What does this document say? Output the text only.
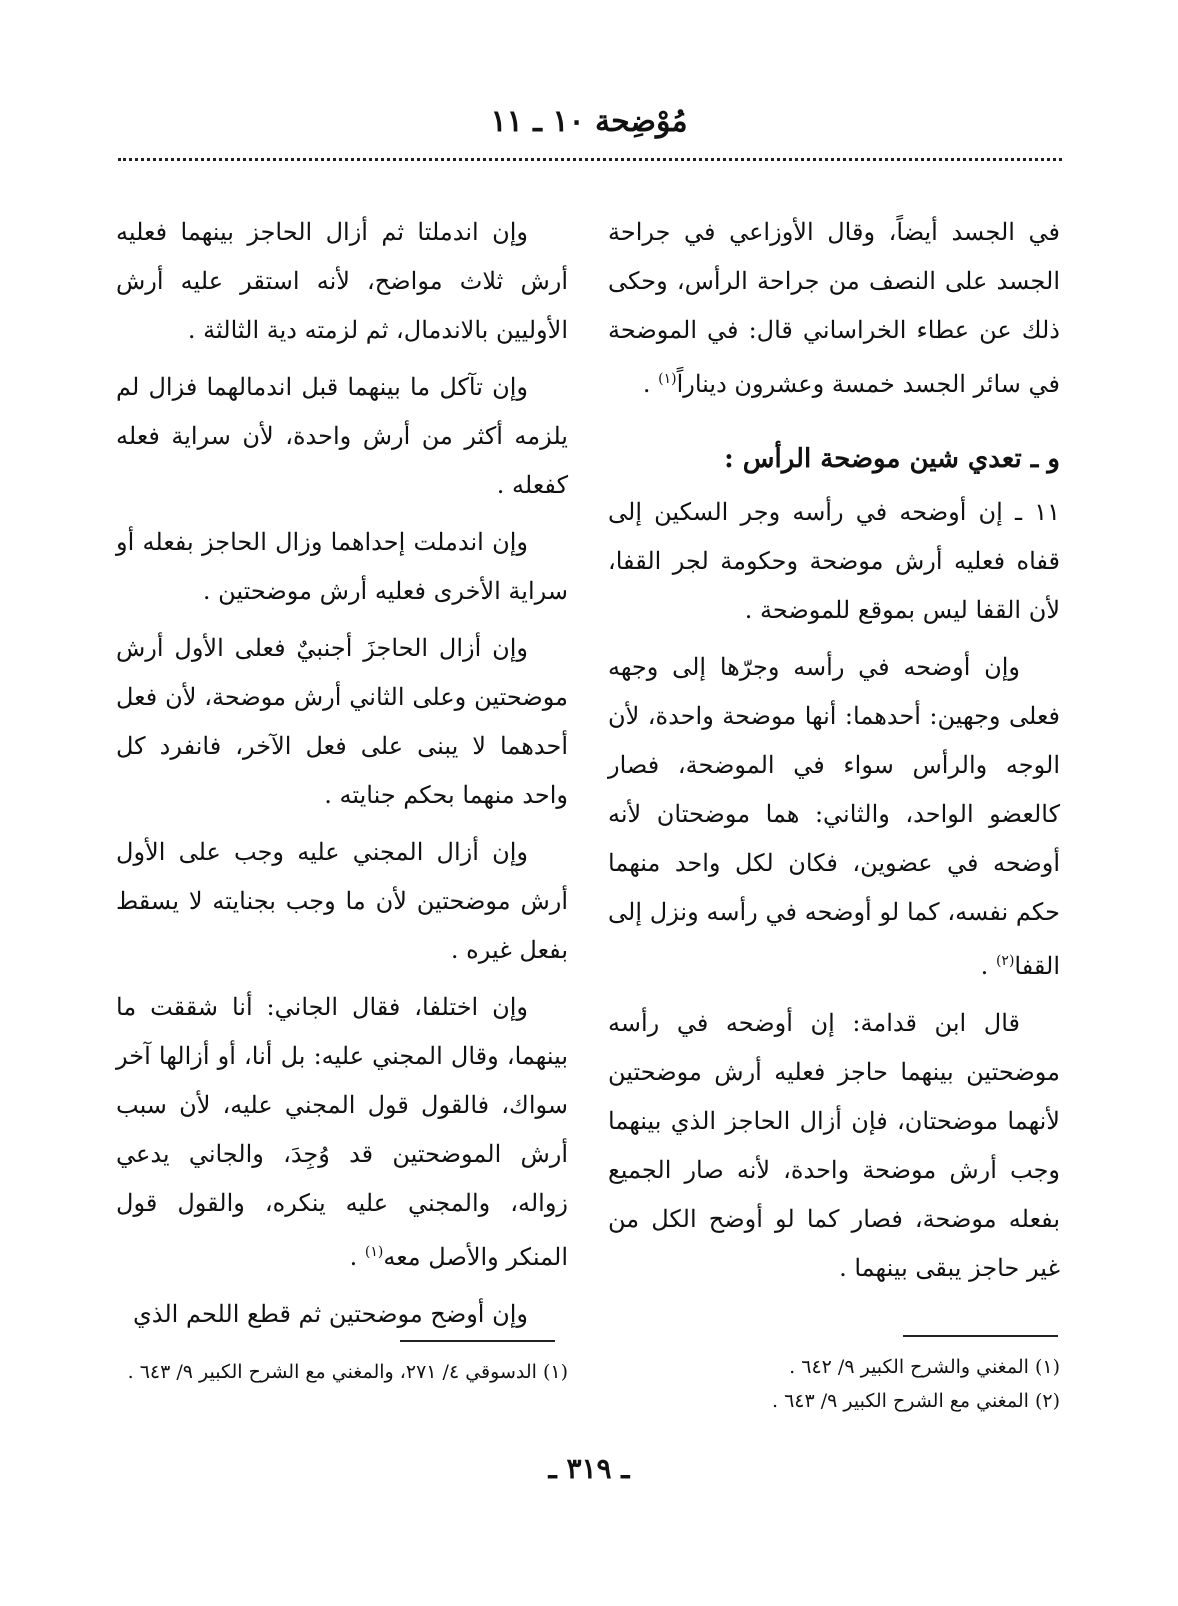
مُوْضِحة ١٠ ـ ١١

في الجسد أيضاً، وقال الأوزاعي في جراحة الجسد على النصف من جراحة الرأس، وحكى ذلك عن عطاء الخراساني قال: في الموضحة في سائر الجسد خمسة وعشرون ديناراً$^{(١)}$ .

و ـ تعدي شين موضحة الرأس :

١١ ـ إن أوضحه في رأسه وجر السكين إلى قفاه فعليه أرش موضحة وحكومة لجر القفا، لأن القفا ليس بموقع للموضحة .

وإن أوضحه في رأسه وجرّها إلى وجهه فعلى وجهين: أحدهما: أنها موضحة واحدة، لأن الوجه والرأس سواء في الموضحة، فصار كالعضو الواحد، والثاني: هما موضحتان لأنه أوضحه في عضوين، فكان لكل واحد منهما حكم نفسه، كما لو أوضحه في رأسه ونزل إلى القفا$^{(٢)}$ .

قال ابن قدامة: إن أوضحه في رأسه موضحتين بينهما حاجز فعليه أرش موضحتين لأنهما موضحتان، فإن أزال الحاجز الذي بينهما وجب أرش موضحة واحدة، لأنه صار الجميع بفعله موضحة، فصار كما لو أوضح الكل من غير حاجز يبقى بينهما .

وإن اندملتا ثم أزال الحاجز بينهما فعليه أرش ثلاث مواضح، لأنه استقر عليه أرش الأوليين بالاندمال، ثم لزمته دية الثالثة .

وإن تآكل ما بينهما قبل اندمالهما فزال لم يلزمه أكثر من أرش واحدة، لأن سراية فعله كفعله .

وإن اندملت إحداهما وزال الحاجز بفعله أو سراية الأخرى فعليه أرش موضحتين .

وإن أزال الحاجزَ أجنبيٌ فعلى الأول أرش موضحتين وعلى الثاني أرش موضحة، لأن فعل أحدهما لا يبنى على فعل الآخر، فانفرد كل واحد منهما بحكم جنايته .

وإن أزال المجني عليه وجب على الأول أرش موضحتين لأن ما وجب بجنايته لا يسقط بفعل غيره .

وإن اختلفا، فقال الجاني: أنا شققت ما بينهما، وقال المجني عليه: بل أنا، أو أزالها آخر سواك، فالقول قول المجني عليه، لأن سبب أرش الموضحتين قد وُجِدَ، والجاني يدعي زواله، والمجني عليه ينكره، والقول قول المنكر والأصل معه$^{(١)}$ .

وإن أوضح موضحتين ثم قطع اللحم الذي

(١) المغني والشرح الكبير ٩/ ٦٤٢ .
(٢) المغني مع الشرح الكبير ٩/ ٦٤٣ .
(١) الدسوقي ٤/ ٢٧١، والمغني مع الشرح الكبير ٩/ ٦٤٣ .
ـ ٣١٩ ـ
